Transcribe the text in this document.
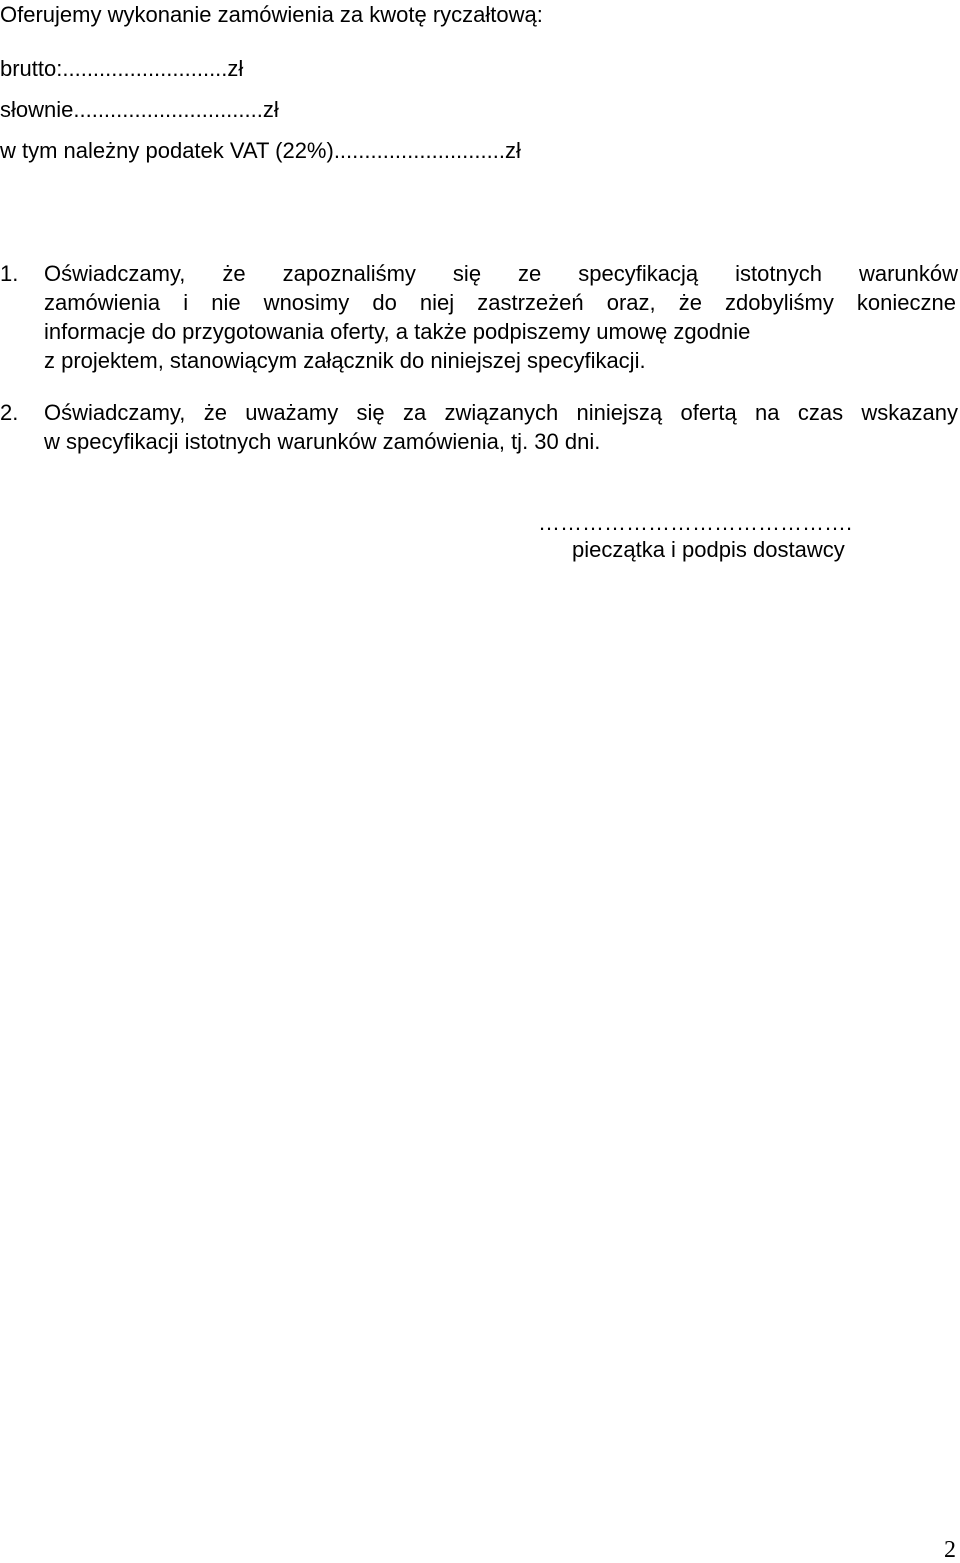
Oferujemy wykonanie zamówienia za kwotę ryczałtową:
brutto:...........................zł
słownie...............................zł
w tym należny podatek VAT (22%)............................zł
1. Oświadczamy, że zapoznaliśmy się ze specyfikacją istotnych warunków
zamówienia i nie wnosimy do niej zastrzeżeń oraz, że zdobyliśmy konieczne
informacje do przygotowania oferty, a także podpiszemy umowę zgodnie
z projektem, stanowiącym załącznik do niniejszej specyfikacji.
2. Oświadczamy, że uważamy się za związanych niniejszą ofertą na czas wskazany
w specyfikacji istotnych warunków zamówienia, tj. 30 dni.
…………………………………….
pieczątka i podpis dostawcy
2
